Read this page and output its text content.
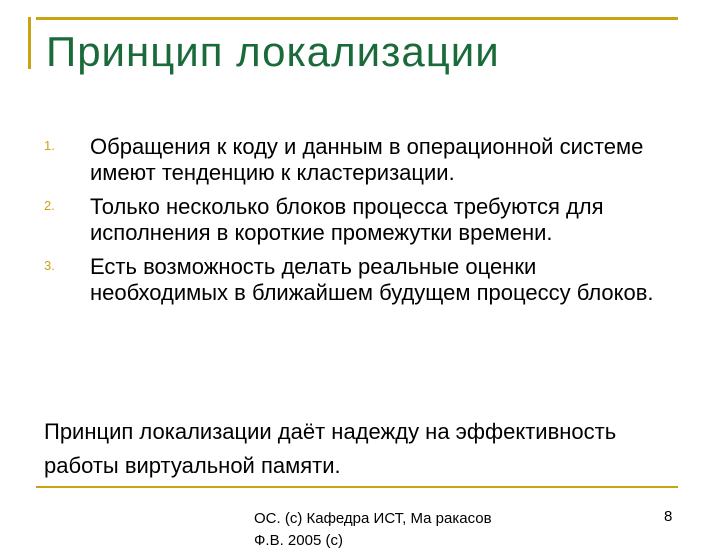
Принцип локализации
1. Обращения к коду и данным в операционной системе имеют тенденцию к кластеризации.
2. Только несколько блоков процесса требуются для исполнения в короткие промежутки времени.
3. Есть возможность делать реальные оценки необходимых в ближайшем будущем процессу блоков.

Принцип локализации даёт надежду на эффективность работы виртуальной памяти.

ОС. (с) Кафедра ИСТ, Ма ракасов Ф.В. 2005 (с)
8
